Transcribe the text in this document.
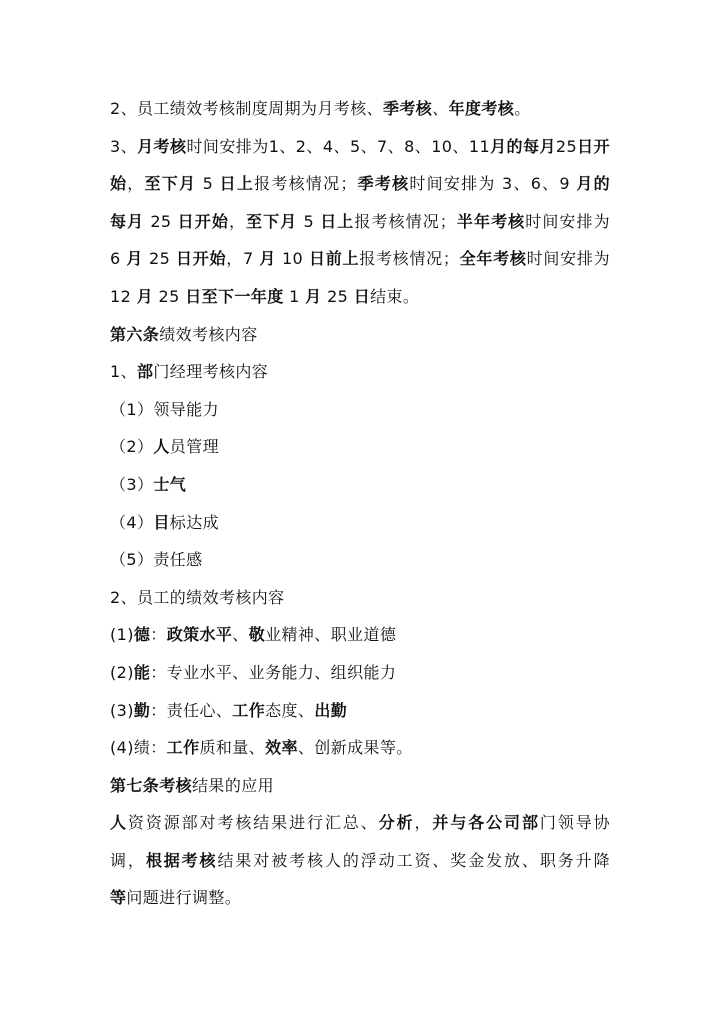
2、员工绩效考核制度周期为月考核、季考核、年度考核。
3、月考核时间安排为1、2、4、5、7、8、10、11月的每月25日开
始，至下月 5 日上报考核情况；季考核时间安排为 3、6、9 月的
每月 25 日开始，至下月 5 日上报考核情况；半年考核时间安排为
6 月 25 日开始，7 月 10 日前上报考核情况；全年考核时间安排为
12 月 25 日至下一年度 1 月 25 日结束。
第六条绩效考核内容
1、部门经理考核内容
（1）领导能力
（2）人员管理
（3）士气
（4）目标达成
（5）责任感
2、员工的绩效考核内容
(1)德：政策水平、敬业精神、职业道德
(2)能：专业水平、业务能力、组织能力
(3)勤：责任心、工作态度、出勤
(4)绩：工作质和量、效率、创新成果等。
第七条考核结果的应用
人资资源部对考核结果进行汇总、分析，并与各公司部门领导协
调，根据考核结果对被考核人的浮动工资、奖金发放、职务升降
等问题进行调整。
